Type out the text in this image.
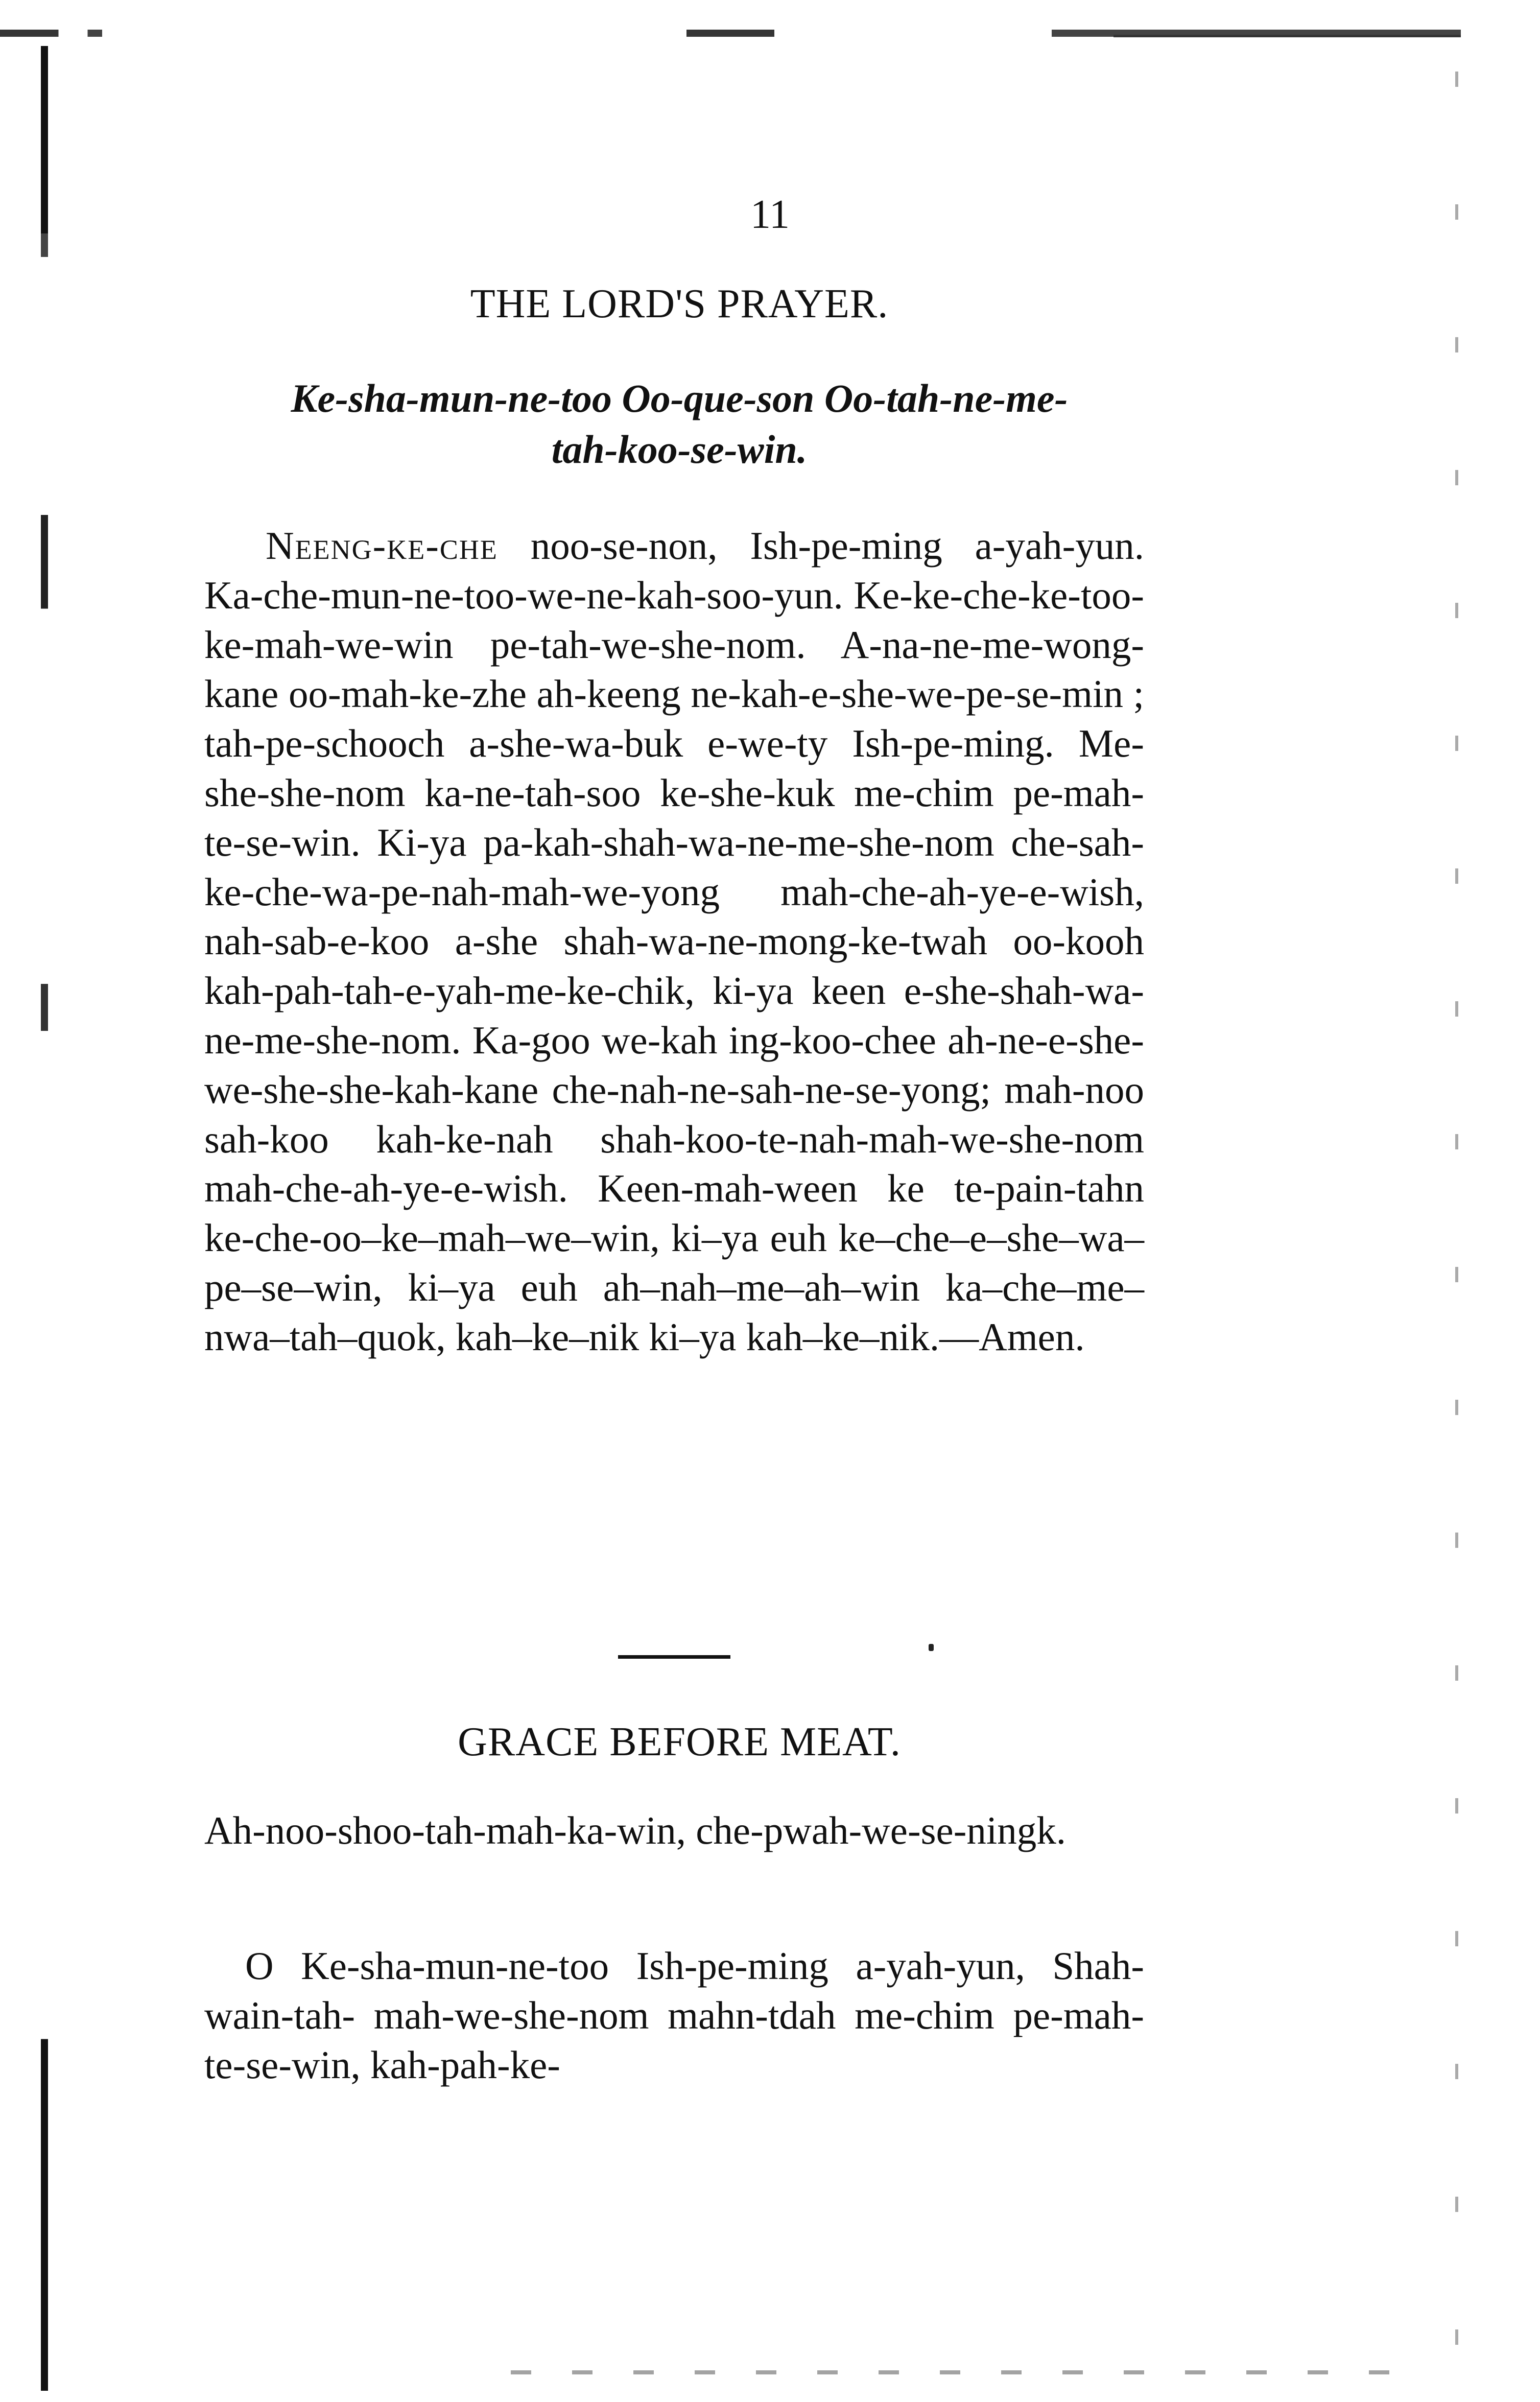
11
THE LORD'S PRAYER.
Ke-sha-mun-ne-too Oo-que-son Oo-tah-ne-me-
tah-koo-se-win.
Neeng-ke-che noo-se-non, Ish-pe-ming a-yah-yun. Ka-che-mun-ne-too-we-ne-kah-soo-yun. Ke-ke-che-ke-too-ke-mah-we-win pe-tah-we-she-nom. A-na-ne-me-wong-kane oo-mah-ke-zhe ah-keeng ne-kah-e-she-we-pe-se-min ; tah-pe-schooch a-she-wa-buk e-we-ty Ish-pe-ming. Me-she-she-nom ka-ne-tah-soo ke-she-kuk me-chim pe-mah-te-se-win. Ki-ya pa-kah-shah-wa-ne-me-she-nom che-sah-ke-che-wa-pe-nah-mah-we-yong mah-che-ah-ye-e-wish, nah-sab-e-koo a-she shah-wa-ne-mong-ke-twah oo-kooh kah-pah-tah-e-yah-me-ke-chik, ki-ya keen e-she-shah-wa-ne-me-she-nom. Ka-goo we-kah ing-koo-chee ah-ne-e-she-we-she-she-kah-kane che-nah-ne-sah-ne-se-yong; mah-noo sah-koo kah-ke-nah shah-koo-te-nah-mah-we-she-nom mah-che-ah-ye-e-wish. Keen-mah-ween ke te-pain-tahn ke-che-oo–ke–mah–we–win, ki–ya euh ke–che–e–she–wa–pe–se–win, ki–ya euh ah–nah–me–ah–win ka–che–me–nwa–tah–quok, kah–ke–nik ki–ya kah–ke–nik.—Amen.
GRACE BEFORE MEAT.
Ah-noo-shoo-tah-mah-ka-win, che-pwah-we-se-ningk.
O Ke-sha-mun-ne-too Ish-pe-ming a-yah-yun, Shah-wain-tah- mah-we-she-nom mahn-tdah me-chim pe-mah-te-se-win, kah-pah-ke-
